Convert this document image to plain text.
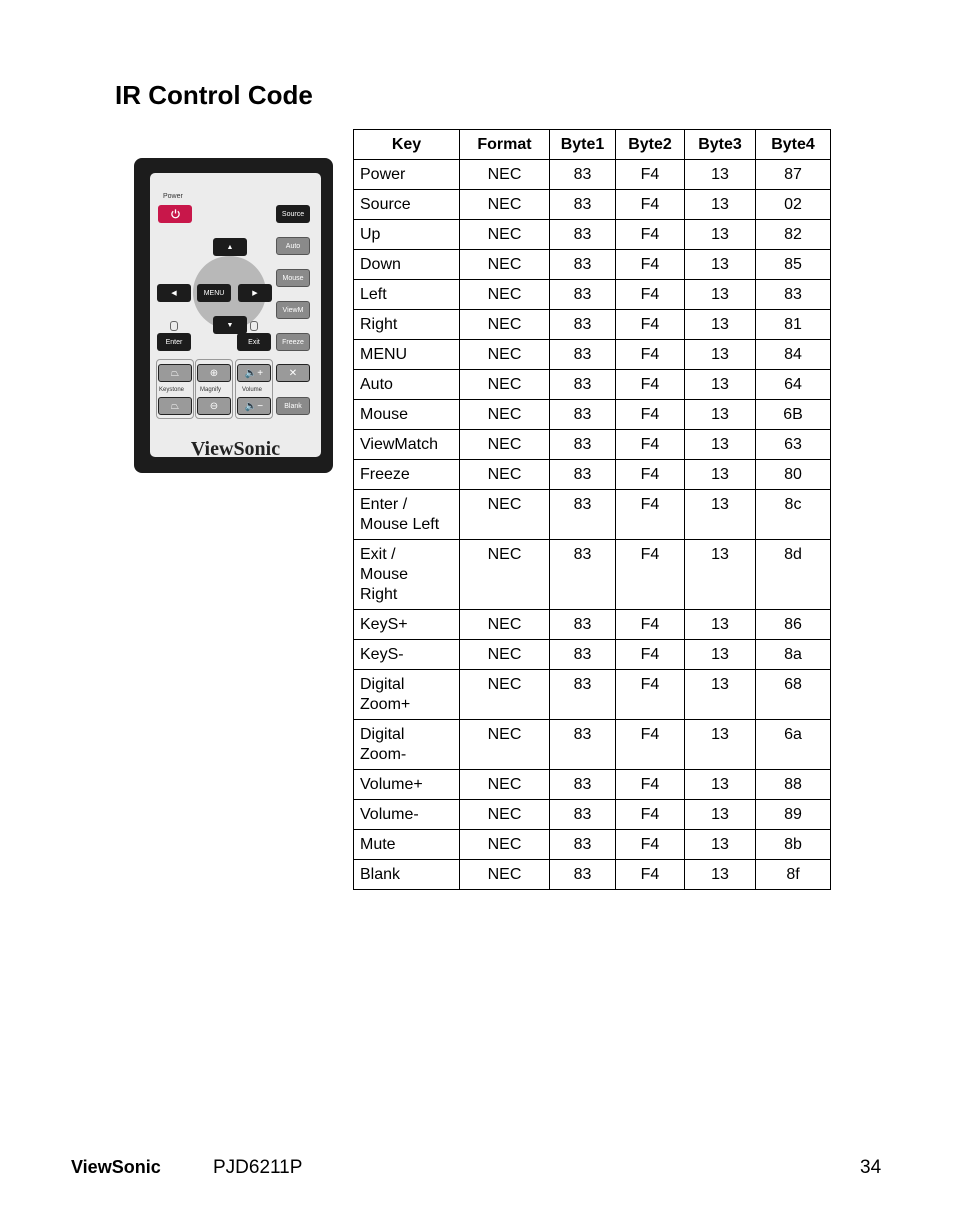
IR Control Code
Power
Source
▲
◀	MENU	▶
▼
Auto
Mouse
ViewM
Enter	Exit	Freeze
⏢	⊕	🔈+	✕
Keystone	Magnify	Volume
⏢	⊖	🔈−	Blank
ViewSonic
Key	Format	Byte1	Byte2	Byte3	Byte4
Power	NEC	83	F4	13	87
Source	NEC	83	F4	13	02
Up	NEC	83	F4	13	82
Down	NEC	83	F4	13	85
Left	NEC	83	F4	13	83
Right	NEC	83	F4	13	81
MENU	NEC	83	F4	13	84
Auto	NEC	83	F4	13	64
Mouse	NEC	83	F4	13	6B
ViewMatch	NEC	83	F4	13	63
Freeze	NEC	83	F4	13	80
Enter /
Mouse Left	NEC	83	F4	13	8c
Exit /
Mouse
Right	NEC	83	F4	13	8d
KeyS+	NEC	83	F4	13	86
KeyS-	NEC	83	F4	13	8a
Digital
Zoom+	NEC	83	F4	13	68
Digital
Zoom-	NEC	83	F4	13	6a
Volume+	NEC	83	F4	13	88
Volume-	NEC	83	F4	13	89
Mute	NEC	83	F4	13	8b
Blank	NEC	83	F4	13	8f
ViewSonic	PJD6211P	34
